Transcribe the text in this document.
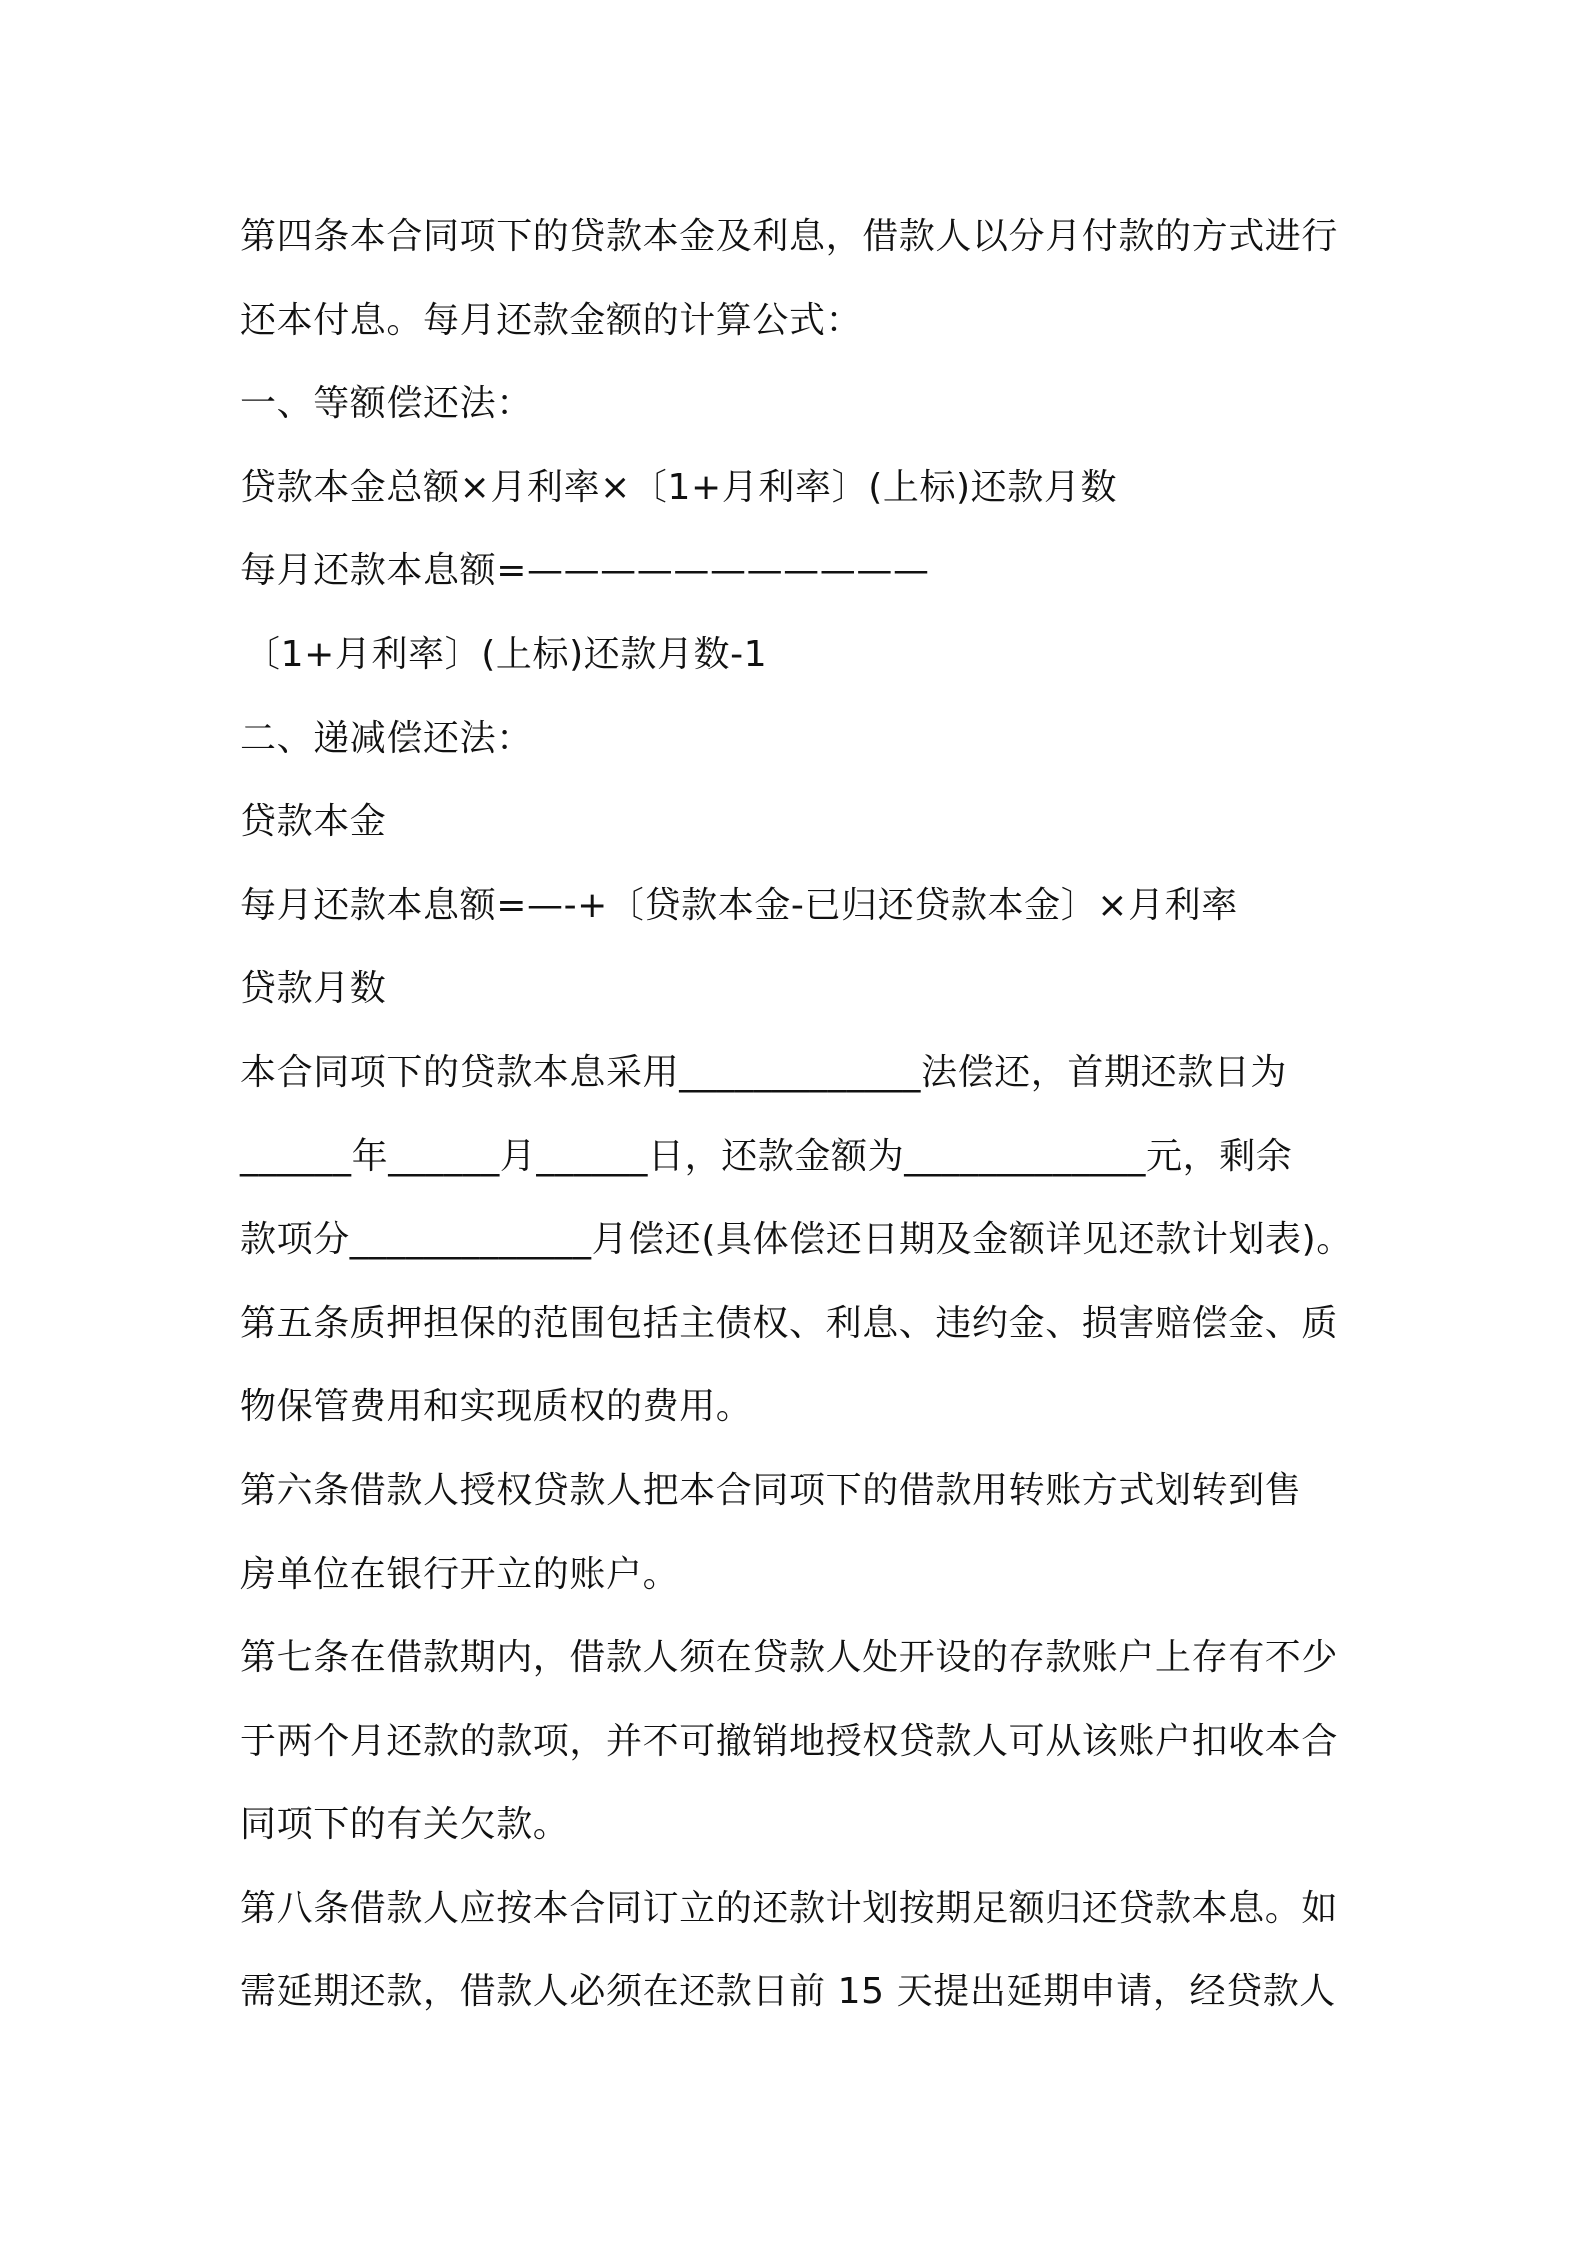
第四条本合同项下的贷款本金及利息，借款人以分月付款的方式进行
还本付息。每月还款金额的计算公式：
一、等额偿还法：
贷款本金总额×月利率×〔1+月利率〕(上标)还款月数
每月还款本息额=———————————
〔1+月利率〕(上标)还款月数-1
二、递减偿还法：
贷款本金
每月还款本息额=—-+〔贷款本金-已归还贷款本金〕×月利率
贷款月数
本合同项下的贷款本息采用_____________法偿还，首期还款日为
______年______月______日，还款金额为_____________元，剩余
款项分_____________月偿还(具体偿还日期及金额详见还款计划表)。
第五条质押担保的范围包括主债权、利息、违约金、损害赔偿金、质
物保管费用和实现质权的费用。
第六条借款人授权贷款人把本合同项下的借款用转账方式划转到售
房单位在银行开立的账户。
第七条在借款期内，借款人须在贷款人处开设的存款账户上存有不少
于两个月还款的款项，并不可撤销地授权贷款人可从该账户扣收本合
同项下的有关欠款。
第八条借款人应按本合同订立的还款计划按期足额归还贷款本息。如
需延期还款，借款人必须在还款日前 15 天提出延期申请，经贷款人
